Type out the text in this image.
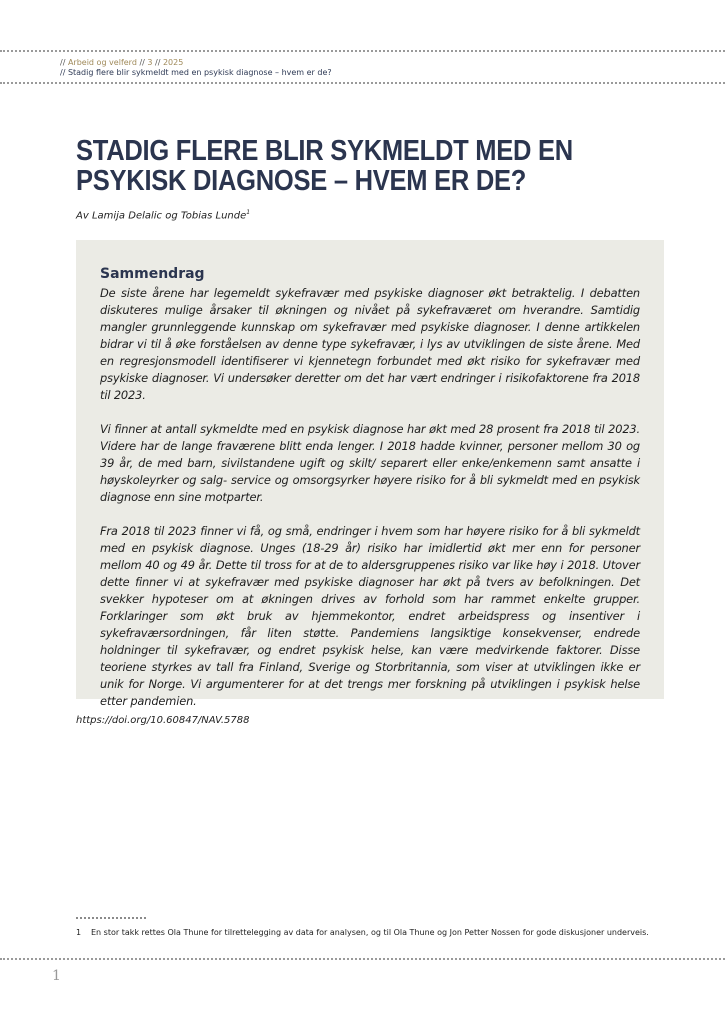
// Arbeid og velferd // 3 // 2025
// Stadig flere blir sykmeldt med en psykisk diagnose – hvem er de?
STADIG FLERE BLIR SYKMELDT MED EN
PSYKISK DIAGNOSE – HVEM ER DE?
Av Lamija Delalic og Tobias Lunde$^1$
Sammendrag

De siste årene har legemeldt sykefravær med psykiske diagnoser økt betraktelig. I debatten diskuteres mulige årsaker til økningen og nivået på sykefraværet om hverandre. Samtidig mangler grunnleggende kunnskap om sykefravær med psykiske diagnoser. I denne artikkelen bidrar vi til å øke forståelsen av denne type sykefravær, i lys av utviklingen de siste årene. Med en regresjonsmodell identifiserer vi kjennetegn forbundet med økt risiko for sykefravær med psykiske diagnoser. Vi undersøker deretter om det har vært endringer i risikofaktorene fra 2018 til 2023.

Vi finner at antall sykmeldte med en psykisk diagnose har økt med 28 prosent fra 2018 til 2023. Videre har de lange fraværene blitt enda lenger. I 2018 hadde kvinner, personer mellom 30 og 39 år, de med barn, sivilstandene ugift og skilt/ separert eller enke/enkemenn samt ansatte i høyskoleyrker og salg- service og omsorgsyrker høyere risiko for å bli sykmeldt med en psykisk diagnose enn sine motparter.

Fra 2018 til 2023 finner vi få, og små, endringer i hvem som har høyere risiko for å bli sykmeldt med en psykisk diagnose. Unges (18-29 år) risiko har imidlertid økt mer enn for personer mellom 40 og 49 år. Dette til tross for at de to aldersgruppenes risiko var like høy i 2018. Utover dette finner vi at sykefravær med psykiske diagnoser har økt på tvers av befolkningen. Det svekker hypoteser om at økningen drives av forhold som har rammet enkelte grupper. Forklaringer som økt bruk av hjemmekontor, endret arbeidspress og insentiver i sykefraværsordningen, får liten støtte. Pandemiens langsiktige konsekvenser, endrede holdninger til sykefravær, og endret psykisk helse, kan være medvirkende faktorer. Disse teoriene styrkes av tall fra Finland, Sverige og Storbritannia, som viser at utviklingen ikke er unik for Norge. Vi argumenterer for at det trengs mer forskning på utviklingen i psykisk helse etter pandemien.

https://doi.org/10.60847/NAV.5788
1 En stor takk rettes Ola Thune for tilrettelegging av data for analysen, og til Ola Thune og Jon Petter Nossen for gode diskusjoner underveis.
1
